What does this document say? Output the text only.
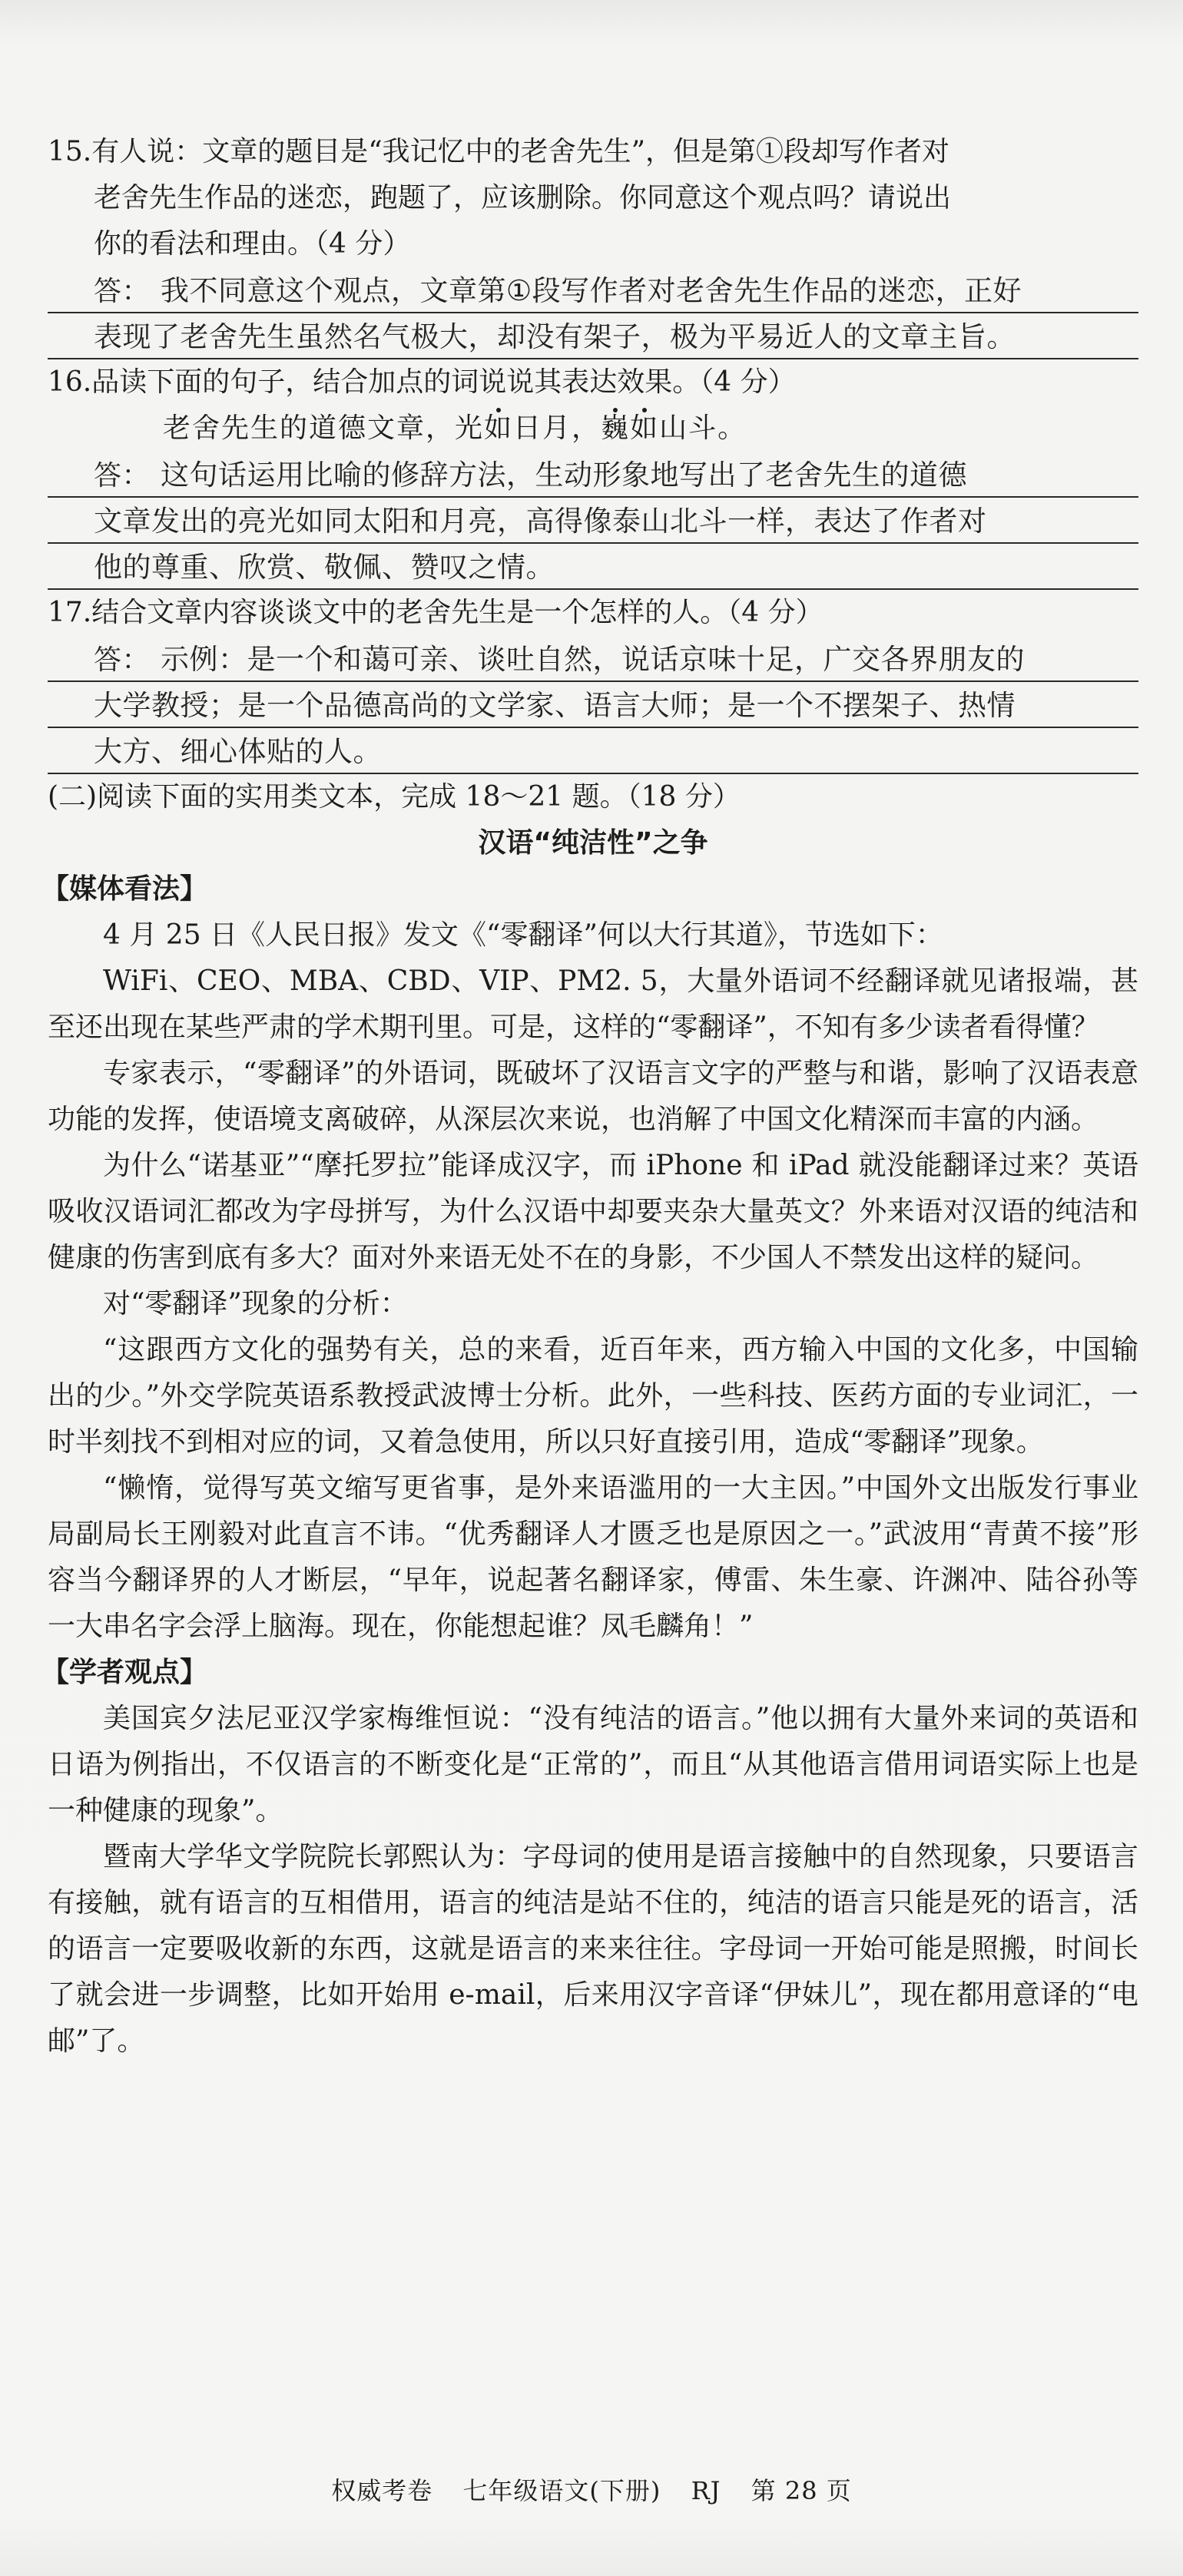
15.有人说：文章的题目是“我记忆中的老舍先生”，但是第①段却写作者对
老舍先生作品的迷恋，跑题了，应该删除。你同意这个观点吗？请说出
你的看法和理由。（4 分）
答： 我不同意这个观点，文章第①段写作者对老舍先生作品的迷恋，正好
表现了老舍先生虽然名气极大，却没有架子，极为平易近人的文章主旨。
16.品读下面的句子，结合加点的词说说其表达效果。（4 分）
老舍先生的道德文章，光如日月，巍如山斗。
答： 这句话运用比喻的修辞方法，生动形象地写出了老舍先生的道德
文章发出的亮光如同太阳和月亮，高得像泰山北斗一样，表达了作者对
他的尊重、欣赏、敬佩、赞叹之情。
17.结合文章内容谈谈文中的老舍先生是一个怎样的人。（4 分）
答： 示例：是一个和蔼可亲、谈吐自然，说话京味十足，广交各界朋友的
大学教授；是一个品德高尚的文学家、语言大师；是一个不摆架子、热情
大方、细心体贴的人。
(二)阅读下面的实用类文本，完成 18～21 题。（18 分）
汉语“纯洁性”之争
【媒体看法】

4 月 25 日《人民日报》发文《“零翻译”何以大行其道》，节选如下：

WiFi、CEO、MBA、CBD、VIP、PM2. 5，大量外语词不经翻译就见诸报端，甚至还出现在某些严肃的学术期刊里。可是，这样的“零翻译”，不知有多少读者看得懂？

专家表示，“零翻译”的外语词，既破坏了汉语言文字的严整与和谐，影响了汉语表意功能的发挥，使语境支离破碎，从深层次来说，也消解了中国文化精深而丰富的内涵。

为什么“诺基亚”“摩托罗拉”能译成汉字，而 iPhone 和 iPad 就没能翻译过来？英语吸收汉语词汇都改为字母拼写，为什么汉语中却要夹杂大量英文？外来语对汉语的纯洁和健康的伤害到底有多大？面对外来语无处不在的身影，不少国人不禁发出这样的疑问。

对“零翻译”现象的分析：

“这跟西方文化的强势有关，总的来看，近百年来，西方输入中国的文化多，中国输出的少。”外交学院英语系教授武波博士分析。此外，一些科技、医药方面的专业词汇，一时半刻找不到相对应的词，又着急使用，所以只好直接引用，造成“零翻译”现象。

“懒惰，觉得写英文缩写更省事，是外来语滥用的一大主因。”中国外文出版发行事业局副局长王刚毅对此直言不讳。“优秀翻译人才匮乏也是原因之一。”武波用“青黄不接”形容当今翻译界的人才断层，“早年，说起著名翻译家，傅雷、朱生豪、许渊冲、陆谷孙等一大串名字会浮上脑海。现在，你能想起谁？凤毛麟角！”

【学者观点】

美国宾夕法尼亚汉学家梅维恒说：“没有纯洁的语言。”他以拥有大量外来词的英语和日语为例指出，不仅语言的不断变化是“正常的”，而且“从其他语言借用词语实际上也是一种健康的现象”。

暨南大学华文学院院长郭熙认为：字母词的使用是语言接触中的自然现象，只要语言有接触，就有语言的互相借用，语言的纯洁是站不住的，纯洁的语言只能是死的语言，活的语言一定要吸收新的东西，这就是语言的来来往往。字母词一开始可能是照搬，时间长了就会进一步调整，比如开始用 e-mail，后来用汉字音译“伊妹儿”，现在都用意译的“电邮”了。

权威考卷 七年级语文(下册) RJ 第 28 页
